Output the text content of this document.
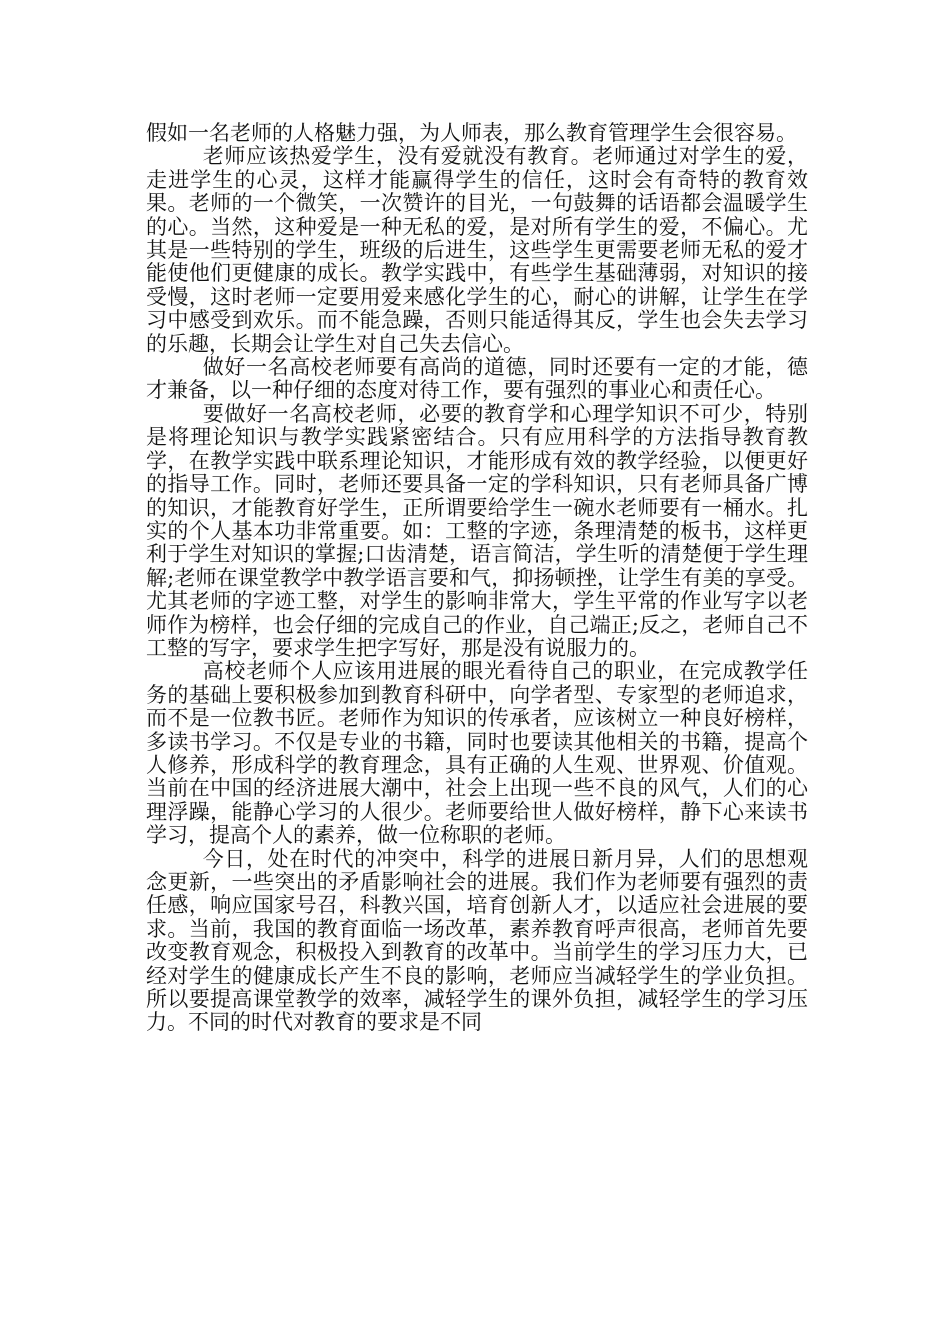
假如一名老师的人格魅力强，为人师表，那么教育管理学生会很容易。

老师应该热爱学生，没有爱就没有教育。老师通过对学生的爱，走进学生的心灵，这样才能赢得学生的信任，这时会有奇特的教育效果。老师的一个微笑，一次赞许的目光，一句鼓舞的话语都会温暖学生的心。当然，这种爱是一种无私的爱，是对所有学生的爱，不偏心。尤其是一些特别的学生，班级的后进生，这些学生更需要老师无私的爱才能使他们更健康的成长。教学实践中，有些学生基础薄弱，对知识的接受慢，这时老师一定要用爱来感化学生的心，耐心的讲解，让学生在学习中感受到欢乐。而不能急躁，否则只能适得其反，学生也会失去学习的乐趣，长期会让学生对自己失去信心。

做好一名高校老师要有高尚的道德，同时还要有一定的才能，德才兼备，以一种仔细的态度对待工作，要有强烈的事业心和责任心。

要做好一名高校老师，必要的教育学和心理学知识不可少，特别是将理论知识与教学实践紧密结合。只有应用科学的方法指导教育教学，在教学实践中联系理论知识，才能形成有效的教学经验，以便更好的指导工作。同时，老师还要具备一定的学科知识，只有老师具备广博的知识，才能教育好学生，正所谓要给学生一碗水老师要有一桶水。扎实的个人基本功非常重要。如：工整的字迹，条理清楚的板书，这样更利于学生对知识的掌握;口齿清楚，语言简洁，学生听的清楚便于学生理解;老师在课堂教学中教学语言要和气，抑扬顿挫，让学生有美的享受。尤其老师的字迹工整，对学生的影响非常大，学生平常的作业写字以老师作为榜样，也会仔细的完成自己的作业，自己端正;反之，老师自己不工整的写字，要求学生把字写好，那是没有说服力的。

高校老师个人应该用进展的眼光看待自己的职业，在完成教学任务的基础上要积极参加到教育科研中，向学者型、专家型的老师追求，而不是一位教书匠。老师作为知识的传承者，应该树立一种良好榜样，多读书学习。不仅是专业的书籍，同时也要读其他相关的书籍，提高个人修养，形成科学的教育理念，具有正确的人生观、世界观、价值观。当前在中国的经济进展大潮中，社会上出现一些不良的风气，人们的心理浮躁，能静心学习的人很少。老师要给世人做好榜样，静下心来读书学习，提高个人的素养，做一位称职的老师。

今日，处在时代的冲突中，科学的进展日新月异，人们的思想观念更新，一些突出的矛盾影响社会的进展。我们作为老师要有强烈的责任感，响应国家号召，科教兴国，培育创新人才，以适应社会进展的要求。当前，我国的教育面临一场改革，素养教育呼声很高，老师首先要改变教育观念，积极投入到教育的改革中。当前学生的学习压力大，已经对学生的健康成长产生不良的影响，老师应当减轻学生的学业负担。所以要提高课堂教学的效率，减轻学生的课外负担，减轻学生的学习压力。不同的时代对教育的要求是不同
